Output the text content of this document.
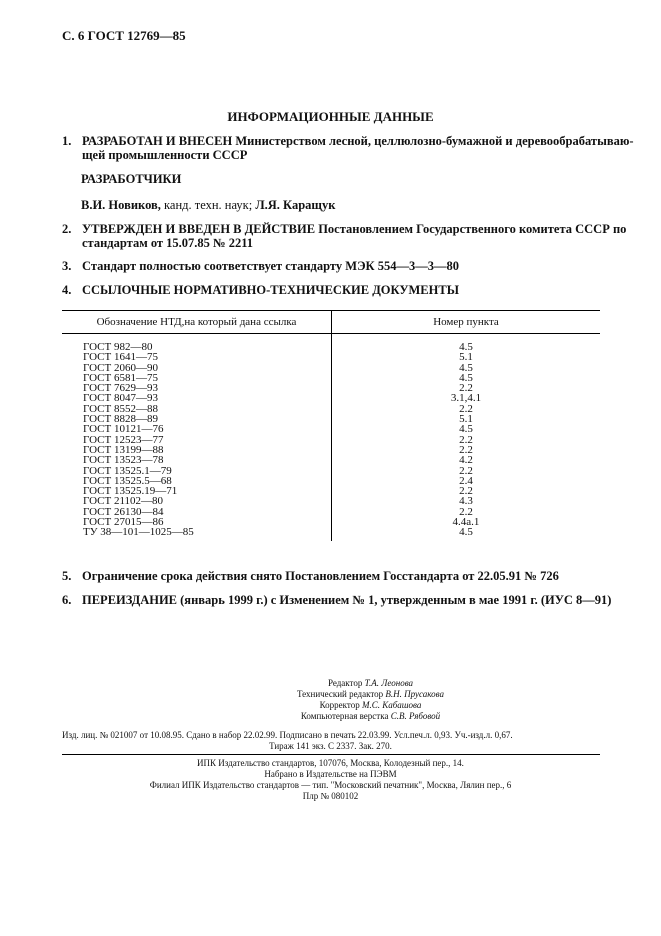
С. 6 ГОСТ 12769—85
ИНФОРМАЦИОННЫЕ ДАННЫЕ
1. РАЗРАБОТАН И ВНЕСЕН Министерством лесной, целлюлозно-бумажной и деревообрабатываю-
щей промышленности СССР
РАЗРАБОТЧИКИ
В.И. Новиков, канд. техн. наук; Л.Я. Каращук
2. УТВЕРЖДЕН И ВВЕДЕН В ДЕЙСТВИЕ Постановлением Государственного комитета СССР по
стандартам от 15.07.85 № 2211
3. Стандарт полностью соответствует стандарту МЭК 554—3—3—80
4. ССЫЛОЧНЫЕ НОРМАТИВНО-ТЕХНИЧЕСКИЕ ДОКУМЕНТЫ
Обозначение НТД,на который дана ссылка	Номер пункта
ГОСТ 982—80	4.5
ГОСТ 1641—75	5.1
ГОСТ 2060—90	4.5
ГОСТ 6581—75	4.5
ГОСТ 7629—93	2.2
ГОСТ 8047—93	3.1,4.1
ГОСТ 8552—88	2.2
ГОСТ 8828—89	5.1
ГОСТ 10121—76	4.5
ГОСТ 12523—77	2.2
ГОСТ 13199—88	2.2
ГОСТ 13523—78	4.2
ГОСТ 13525.1—79	2.2
ГОСТ 13525.5—68	2.4
ГОСТ 13525.19—71	2.2
ГОСТ 21102—80	4.3
ГОСТ 26130—84	2.2
ГОСТ 27015—86	4.4а.1
ТУ 38—101—1025—85	4.5
5. Ограничение срока действия снято Постановлением Госстандарта от 22.05.91 № 726
6. ПЕРЕИЗДАНИЕ (январь 1999 г.) с Изменением № 1, утвержденным в мае 1991 г. (ИУС 8—91)
Редактор Т.А. Леонова
Технический редактор В.Н. Прусакова
Корректор М.С. Кабашова
Компьютерная верстка С.В. Рябовой
Изд. лиц. № 021007 от 10.08.95. Сдано в набор 22.02.99. Подписано в печать 22.03.99. Усл.печ.л. 0,93. Уч.-изд.л. 0,67.
Тираж 141 экз. С 2337. Зак. 270.
ИПК Издательство стандартов, 107076, Москва, Колодезный пер., 14.
Набрано в Издательстве на ПЭВМ
Филиал ИПК Издательство стандартов — тип. "Московский печатник", Москва, Лялин пер., 6
Плр № 080102
